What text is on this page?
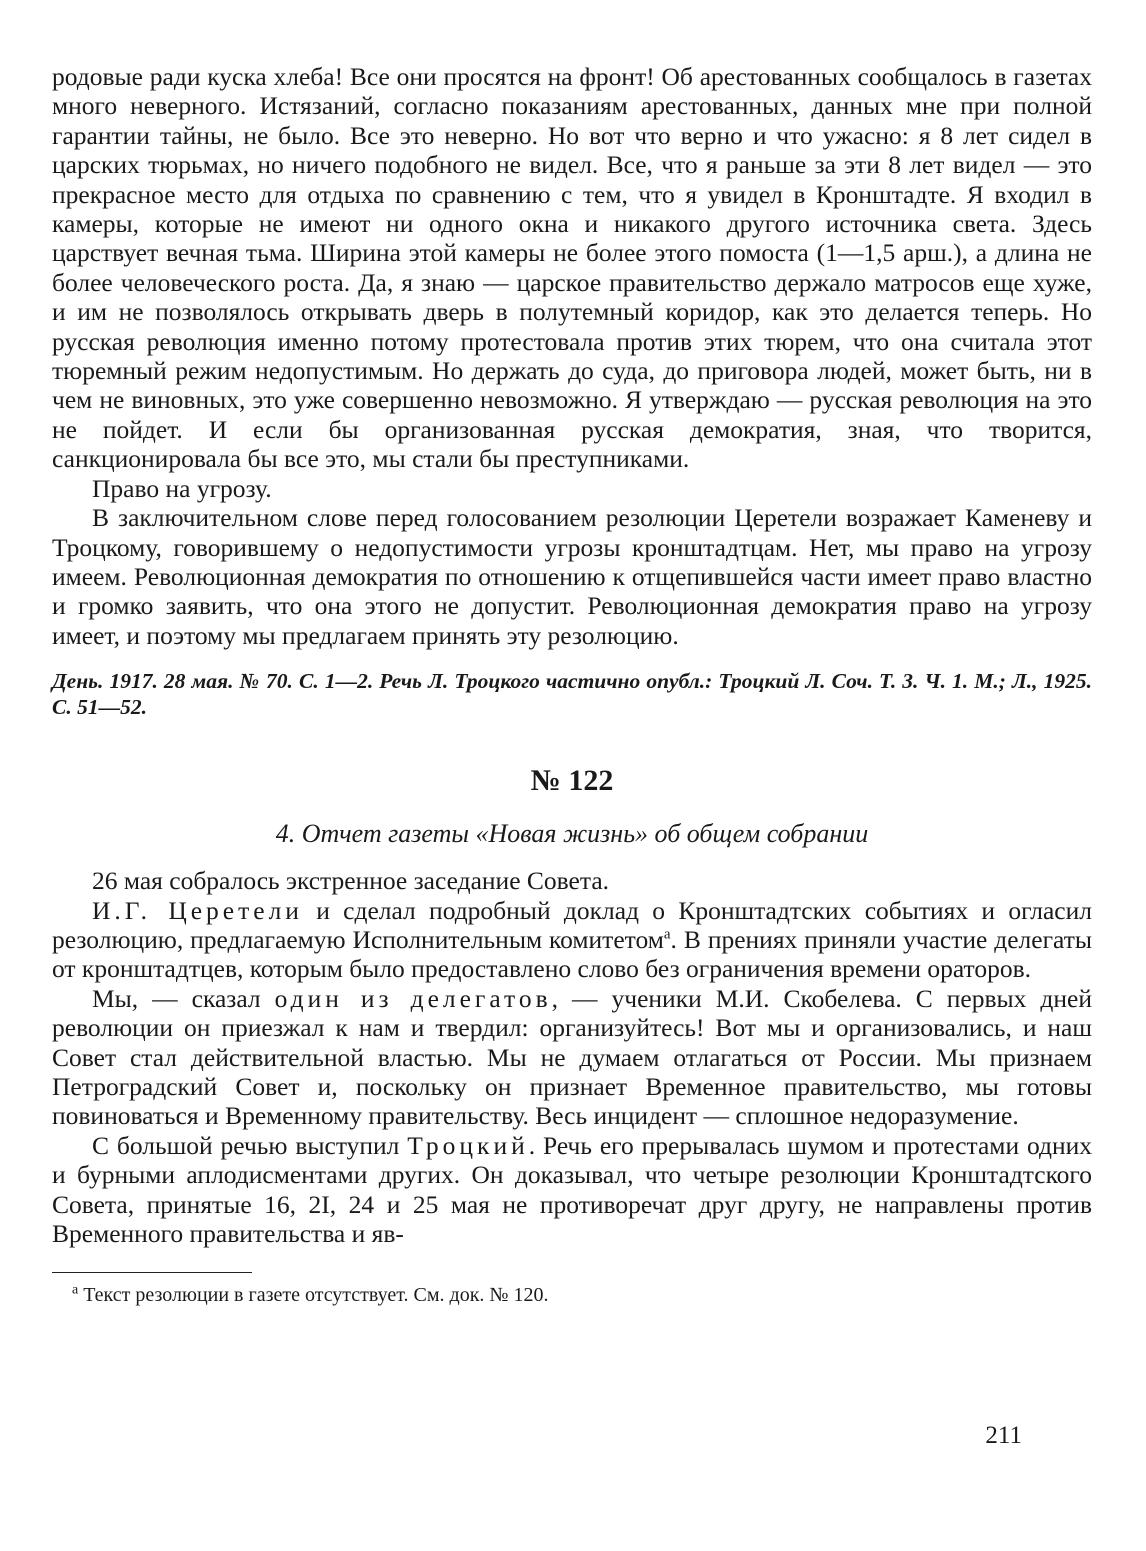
родовые ради куска хлеба! Все они просятся на фронт! Об арестованных сообщалось в газетах много неверного. Истязаний, согласно показаниям арестованных, данных мне при полной гарантии тайны, не было. Все это неверно. Но вот что верно и что ужасно: я 8 лет сидел в царских тюрьмах, но ничего подобного не видел. Все, что я раньше за эти 8 лет видел — это прекрасное место для отдыха по сравнению с тем, что я увидел в Кронштадте. Я входил в камеры, которые не имеют ни одного окна и никакого другого источника света. Здесь царствует вечная тьма. Ширина этой камеры не более этого помоста (1—1,5 арш.), а длина не более человеческого роста. Да, я знаю — царское правительство держало матросов еще хуже, и им не позволялось открывать дверь в полутемный коридор, как это делается теперь. Но русская революция именно потому протестовала против этих тюрем, что она считала этот тюремный режим недопустимым. Но держать до суда, до приговора людей, может быть, ни в чем не виновных, это уже совершенно невозможно. Я утверждаю — русская революция на это не пойдет. И если бы организованная русская демократия, зная, что творится, санкционировала бы все это, мы стали бы преступниками.

Право на угрозу.

В заключительном слове перед голосованием резолюции Церетели возражает Каменеву и Троцкому, говорившему о недопустимости угрозы кронштадтцам. Нет, мы право на угрозу имеем. Революционная демократия по отношению к отщепившейся части имеет право властно и громко заявить, что она этого не допустит. Революционная демократия право на угрозу имеет, и поэтому мы предлагаем принять эту резолюцию.

День. 1917. 28 мая. № 70. С. 1—2. Речь Л. Троцкого частично опубл.: Троцкий Л. Соч. Т. 3. Ч. 1. М.; Л., 1925. С. 51—52.

№ 122
4. Отчет газеты «Новая жизнь» об общем собрании

26 мая собралось экстренное заседание Совета.

И.Г. Церетели и сделал подробный доклад о Кронштадтских событиях и огласил резолюцию, предлагаемую Исполнительным комитетом$^а$. В прениях приняли участие делегаты от кронштадтцев, которым было предоставлено слово без ограничения времени ораторов.

Мы, — сказал один из делегатов, — ученики М.И. Скобелева. С первых дней революции он приезжал к нам и твердил: организуйтесь! Вот мы и организовались, и наш Совет стал действительной властью. Мы не думаем отлагаться от России. Мы признаем Петроградский Совет и, поскольку он признает Временное правительство, мы готовы повиноваться и Временному правительству. Весь инцидент — сплошное недоразумение.

С большой речью выступил Троцкий. Речь его прерывалась шумом и протестами одних и бурными аплодисментами других. Он доказывал, что четыре резолюции Кронштадтского Совета, принятые 16, 2I, 24 и 25 мая не противоречат друг другу, не направлены против Временного правительства и яв-

$^а$ Текст резолюции в газете отсутствует. См. док. № 120.

211
